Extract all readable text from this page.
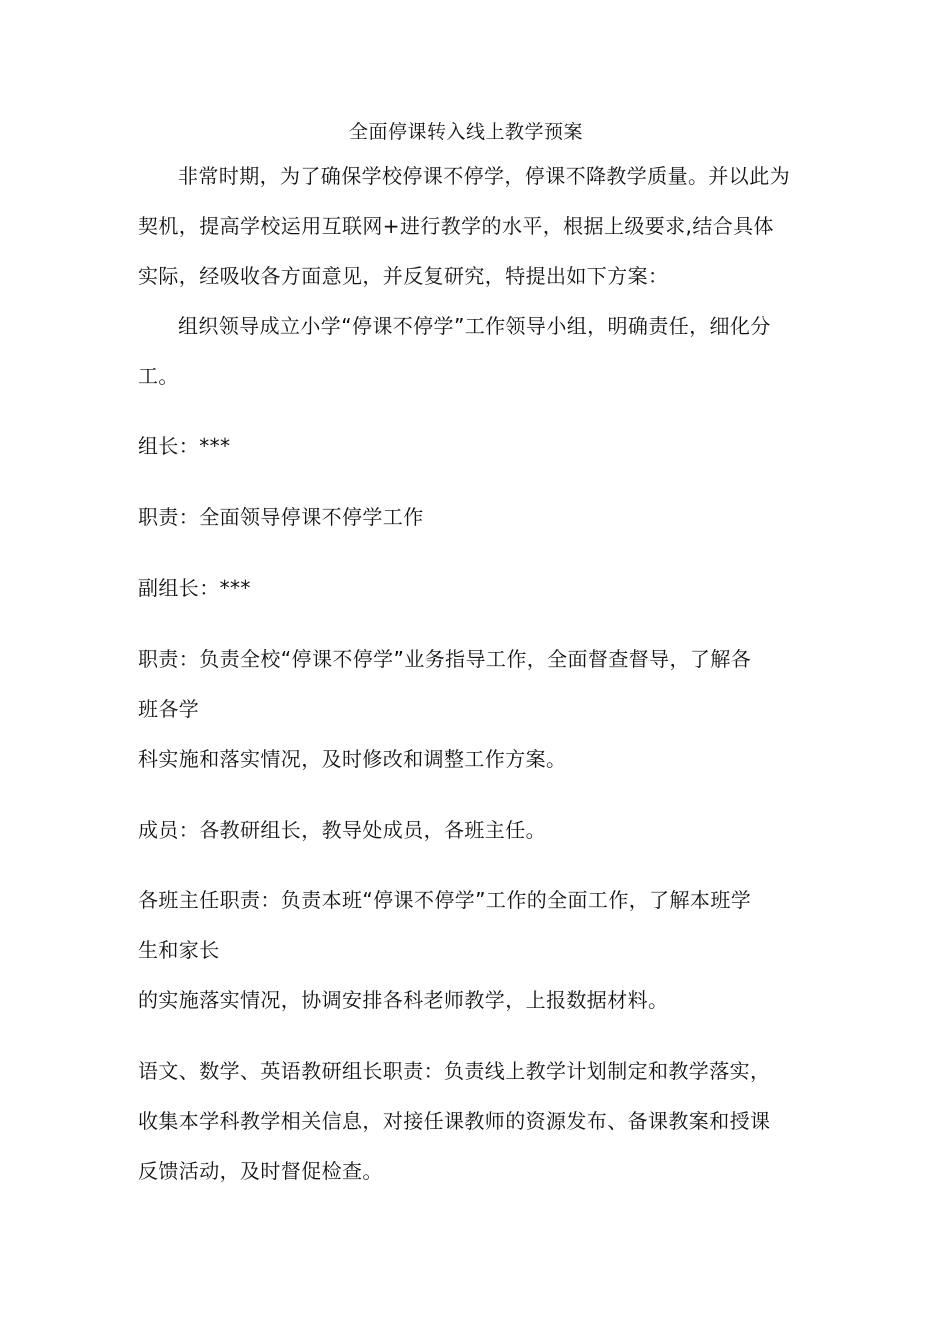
全面停课转入线上教学预案
非常时期，为了确保学校停课不停学，停课不降教学质量。并以此为
契机，提高学校运用互联网+进行教学的水平，根据上级要求,结合具体
实际，经吸收各方面意见，并反复研究，特提出如下方案：
组织领导成立小学“停课不停学”工作领导小组，明确责任，细化分
工。
组长：***
职责：全面领导停课不停学工作
副组长：***
职责：负责全校“停课不停学”业务指导工作，全面督查督导，了解各
班各学
科实施和落实情况，及时修改和调整工作方案。
成员：各教研组长，教导处成员，各班主任。
各班主任职责：负责本班“停课不停学”工作的全面工作，了解本班学
生和家长
的实施落实情况，协调安排各科老师教学，上报数据材料。
语文、数学、英语教研组长职责：负责线上教学计划制定和教学落实，
收集本学科教学相关信息，对接任课教师的资源发布、备课教案和授课
反馈活动，及时督促检查。
